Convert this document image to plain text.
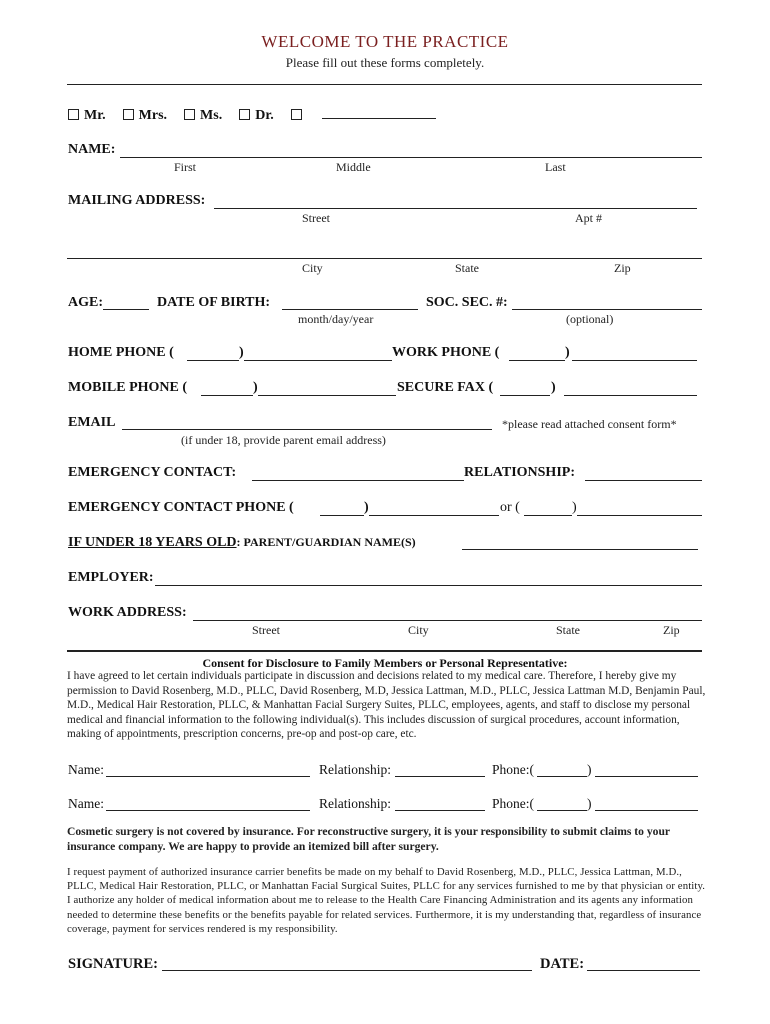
WELCOME TO THE PRACTICE
Please fill out these forms completely.
Mr. Mrs. Ms. Dr.
NAME:
First	Middle	Last
MAILING ADDRESS:
Street	Apt #
City	State	Zip
AGE:	DATE OF BIRTH:
month/day/year
SOC. SEC. #:
(optional)
HOME PHONE (	)	WORK PHONE (	)
MOBILE PHONE (	)	SECURE FAX (	)
EMAIL	*please read attached consent form*
(if under 18, provide parent email address)
EMERGENCY CONTACT:	RELATIONSHIP:
EMERGENCY CONTACT PHONE (	)	or (	)
IF UNDER 18 YEARS OLD: PARENT/GUARDIAN NAME(S)
EMPLOYER:
WORK ADDRESS:
Street	City	State	Zip
Consent for Disclosure to Family Members or Personal Representative:
I have agreed to let certain individuals participate in discussion and decisions related to my medical care. Therefore, I hereby give my permission to David Rosenberg, M.D., PLLC, David Rosenberg, M.D, Jessica Lattman, M.D., PLLC, Jessica Lattman M.D, Benjamin Paul, M.D., Medical Hair Restoration, PLLC, & Manhattan Facial Surgery Suites, PLLC, employees, agents, and staff to disclose my personal medical and financial information to the following individual(s). This includes discussion of surgical procedures, account information, making of appointments, prescription concerns, pre-op and post-op care, etc.
Name:	Relationship:	Phone:(	)
Name:	Relationship:	Phone:(	)
Cosmetic surgery is not covered by insurance. For reconstructive surgery, it is your responsibility to submit claims to your insurance company. We are happy to provide an itemized bill after surgery.
I request payment of authorized insurance carrier benefits be made on my behalf to David Rosenberg, M.D., PLLC, Jessica Lattman, M.D., PLLC, Medical Hair Restoration, PLLC, or Manhattan Facial Surgical Suites, PLLC for any services furnished to me by that physician or entity. I authorize any holder of medical information about me to release to the Health Care Financing Administration and its agents any information needed to determine these benefits or the benefits payable for related services. Furthermore, it is my understanding that, regardless of insurance coverage, payment for services rendered is my responsibility.
SIGNATURE:	DATE:
